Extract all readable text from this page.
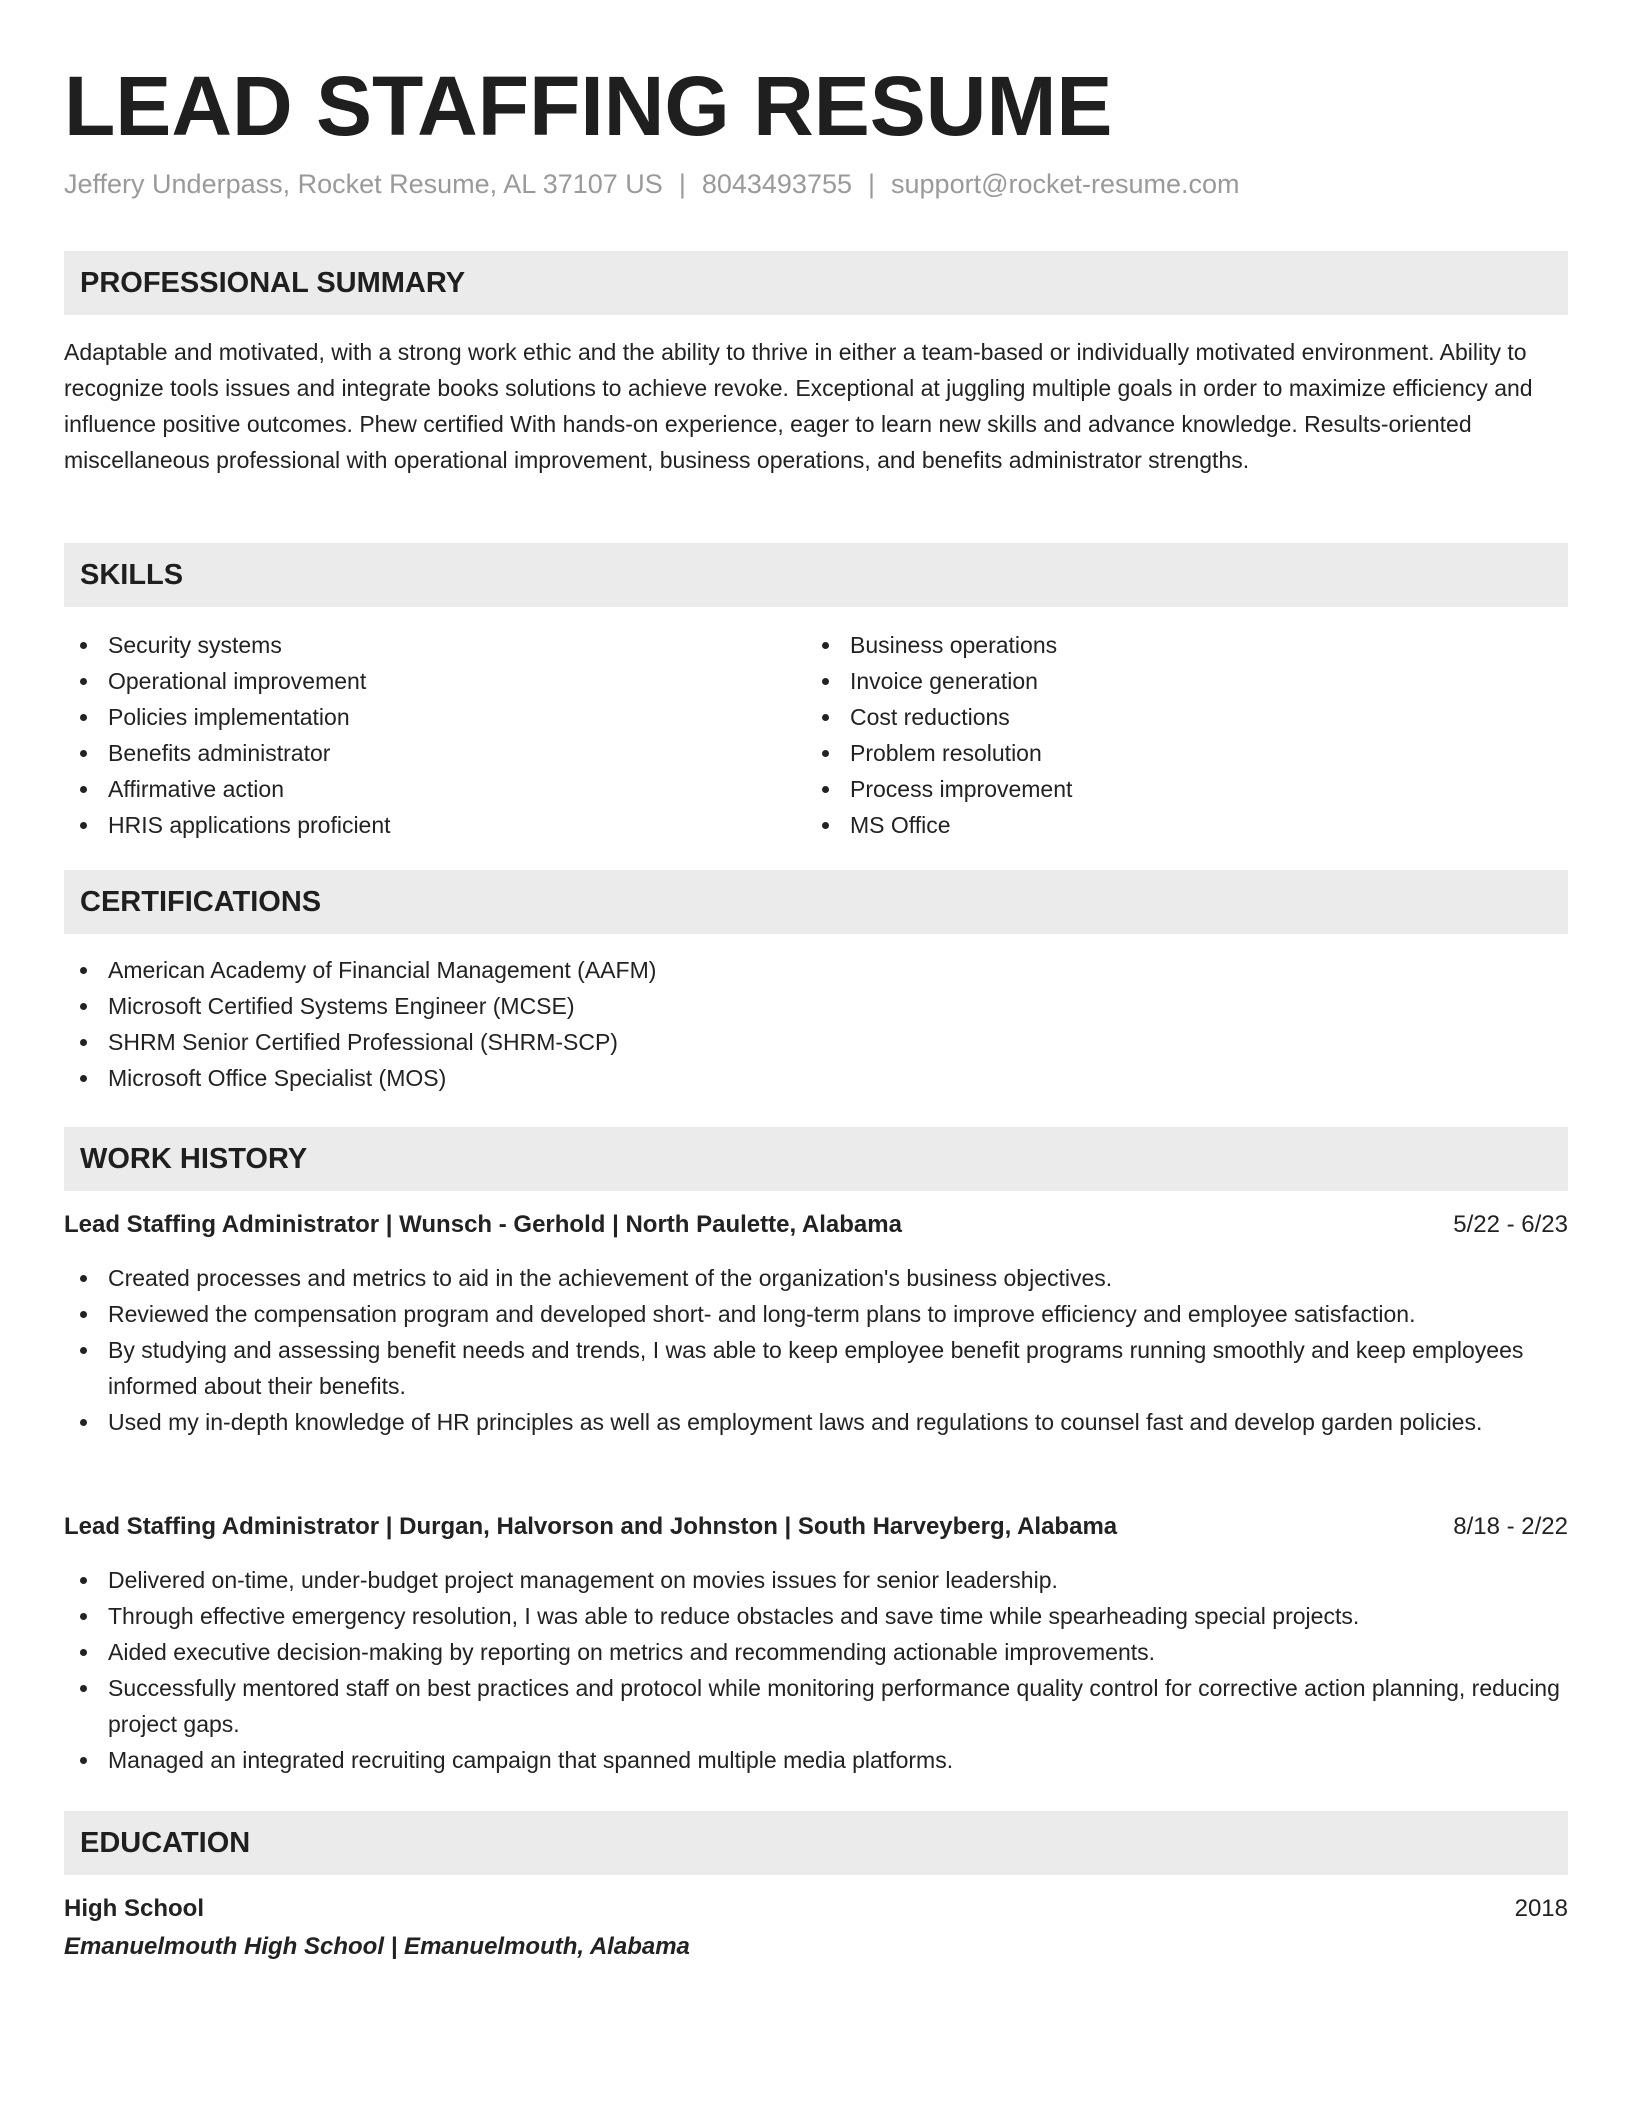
LEAD STAFFING RESUME
Jeffery Underpass, Rocket Resume, AL 37107 US | 8043493755 | support@rocket-resume.com
PROFESSIONAL SUMMARY

Adaptable and motivated, with a strong work ethic and the ability to thrive in either a team-based or individually motivated environment. Ability to recognize tools issues and integrate books solutions to achieve revoke. Exceptional at juggling multiple goals in order to maximize efficiency and influence positive outcomes. Phew certified With hands-on experience, eager to learn new skills and advance knowledge. Results-oriented miscellaneous professional with operational improvement, business operations, and benefits administrator strengths.

SKILLS
Security systems
Operational improvement
Policies implementation
Benefits administrator
Affirmative action
HRIS applications proficient
Business operations
Invoice generation
Cost reductions
Problem resolution
Process improvement
MS Office
CERTIFICATIONS
American Academy of Financial Management (AAFM)
Microsoft Certified Systems Engineer (MCSE)
SHRM Senior Certified Professional (SHRM-SCP)
Microsoft Office Specialist (MOS)
WORK HISTORY
Lead Staffing Administrator | Wunsch - Gerhold | North Paulette, Alabama	5/22 - 6/23
Created processes and metrics to aid in the achievement of the organization's business objectives.
Reviewed the compensation program and developed short- and long-term plans to improve efficiency and employee satisfaction.
By studying and assessing benefit needs and trends, I was able to keep employee benefit programs running smoothly and keep employees informed about their benefits.
Used my in-depth knowledge of HR principles as well as employment laws and regulations to counsel fast and develop garden policies.
Lead Staffing Administrator | Durgan, Halvorson and Johnston | South Harveyberg, Alabama	8/18 - 2/22
Delivered on-time, under-budget project management on movies issues for senior leadership.
Through effective emergency resolution, I was able to reduce obstacles and save time while spearheading special projects.
Aided executive decision-making by reporting on metrics and recommending actionable improvements.
Successfully mentored staff on best practices and protocol while monitoring performance quality control for corrective action planning, reducing project gaps.
Managed an integrated recruiting campaign that spanned multiple media platforms.
EDUCATION
High School	2018
Emanuelmouth High School | Emanuelmouth, Alabama
